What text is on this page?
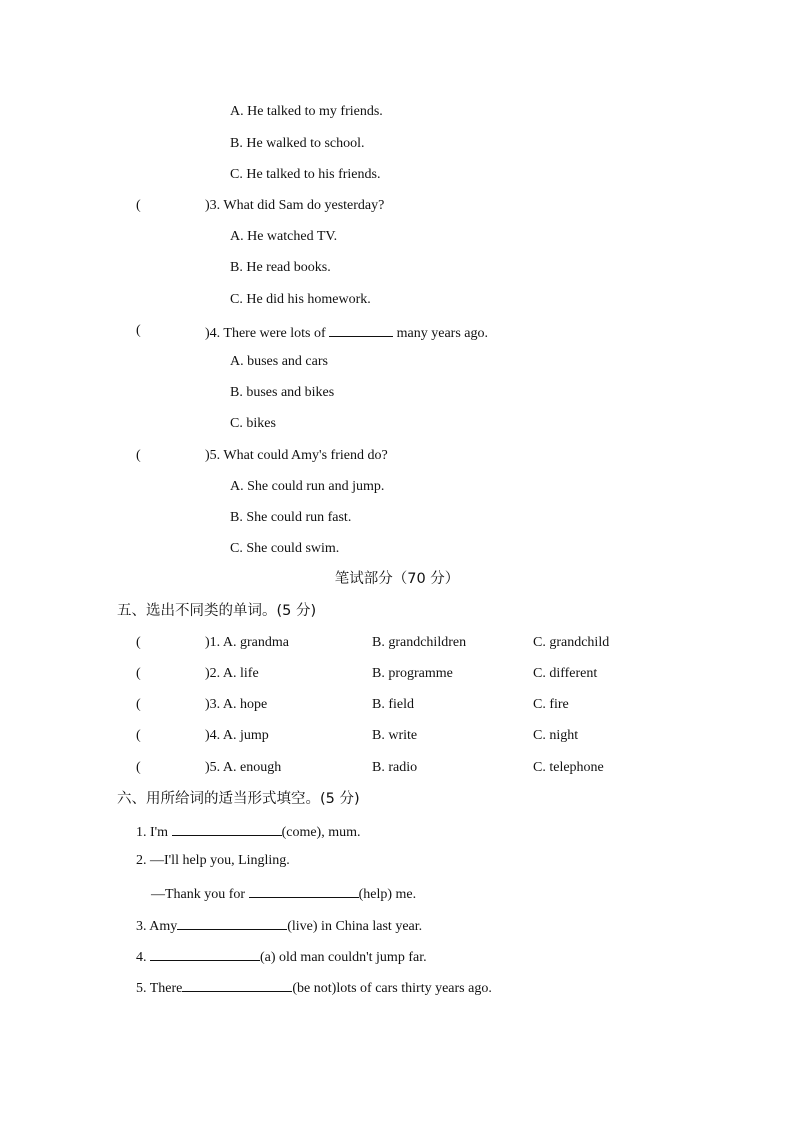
A. He talked to my friends.
B. He walked to school.
C. He talked to his friends.
(	)3. What did Sam do yesterday?
A. He watched TV.
B. He read books.
C. He did his homework.
(	)4. There were lots of	many years ago.
A. buses and cars
B. buses and bikes
C. bikes
(	)5. What could Amy's friend do?
A. She could run and jump.
B. She could run fast.
C. She could swim.
笔试部分（70 分）
五、选出不同类的单词。(5 分)
(	)1. A. grandma	B. grandchildren	C. grandchild
(	)2. A. life	B. programme	C. different
(	)3. A. hope	B. field	C. fire
(	)4. A. jump	B. write	C. night
(	)5. A. enough	B. radio	C. telephone
六、用所给词的适当形式填空。(5 分)
1. I'm	(come), mum.
2. —I'll help you, Lingling.
—Thank you for	(help) me.
3. Amy	(live) in China last year.
4.	(a) old man couldn't jump far.
5. There	(be not)lots of cars thirty years ago.
